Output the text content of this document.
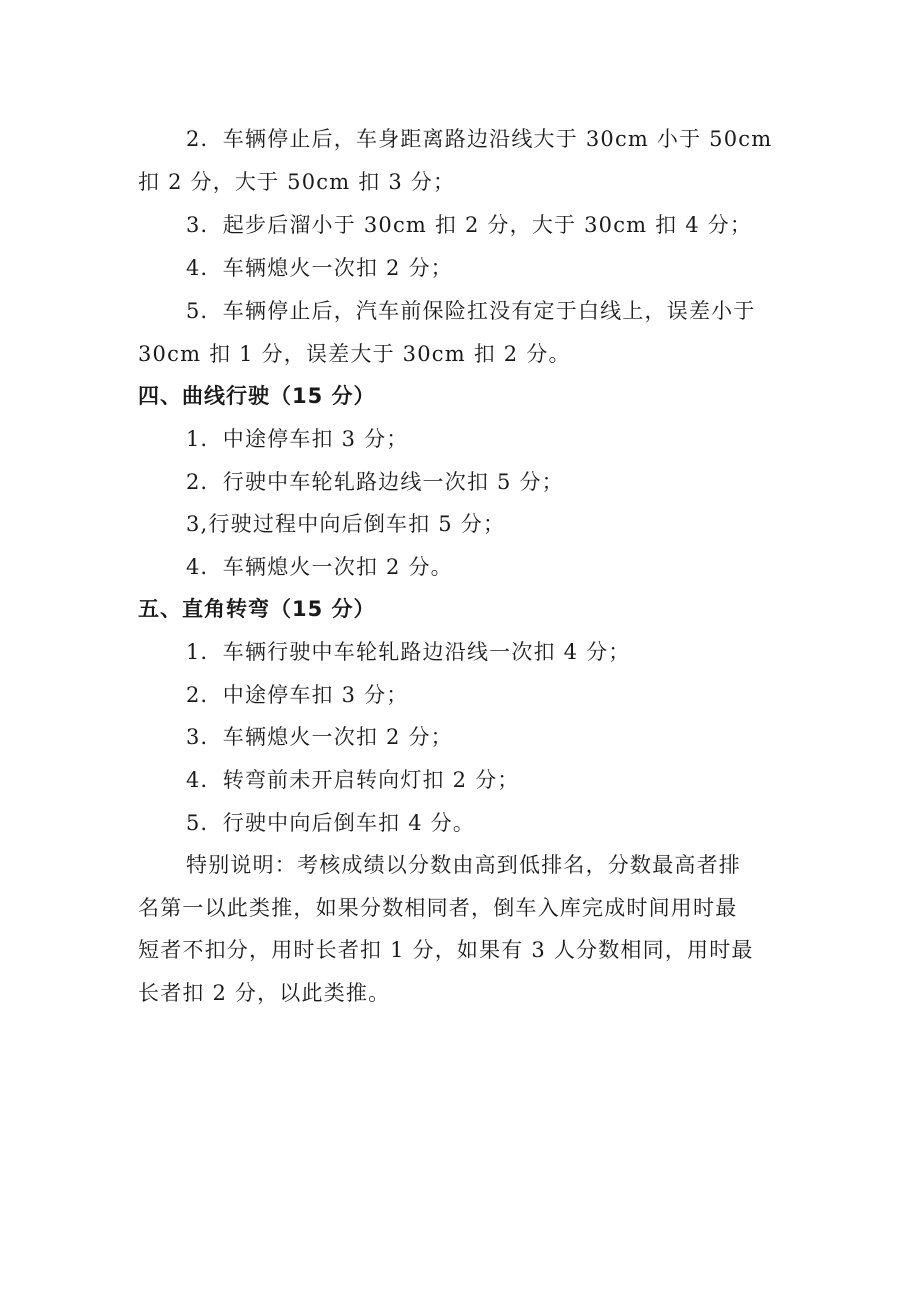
2．车辆停止后，车身距离路边沿线大于 30cm 小于 50cm
扣 2 分，大于 50cm 扣 3 分；
3．起步后溜小于 30cm 扣 2 分，大于 30cm 扣 4 分；
4．车辆熄火一次扣 2 分；
5．车辆停止后，汽车前保险扛没有定于白线上，误差小于
30cm 扣 1 分，误差大于 30cm 扣 2 分。
四、曲线行驶（15 分）
1．中途停车扣 3 分；
2．行驶中车轮轧路边线一次扣 5 分；
3,行驶过程中向后倒车扣 5 分；
4．车辆熄火一次扣 2 分。
五、直角转弯（15 分）
1．车辆行驶中车轮轧路边沿线一次扣 4 分；
2．中途停车扣 3 分；
3．车辆熄火一次扣 2 分；
4．转弯前未开启转向灯扣 2 分；
5．行驶中向后倒车扣 4 分。
特别说明：考核成绩以分数由高到低排名，分数最高者排
名第一以此类推，如果分数相同者，倒车入库完成时间用时最
短者不扣分，用时长者扣 1 分，如果有 3 人分数相同，用时最
长者扣 2 分，以此类推。
